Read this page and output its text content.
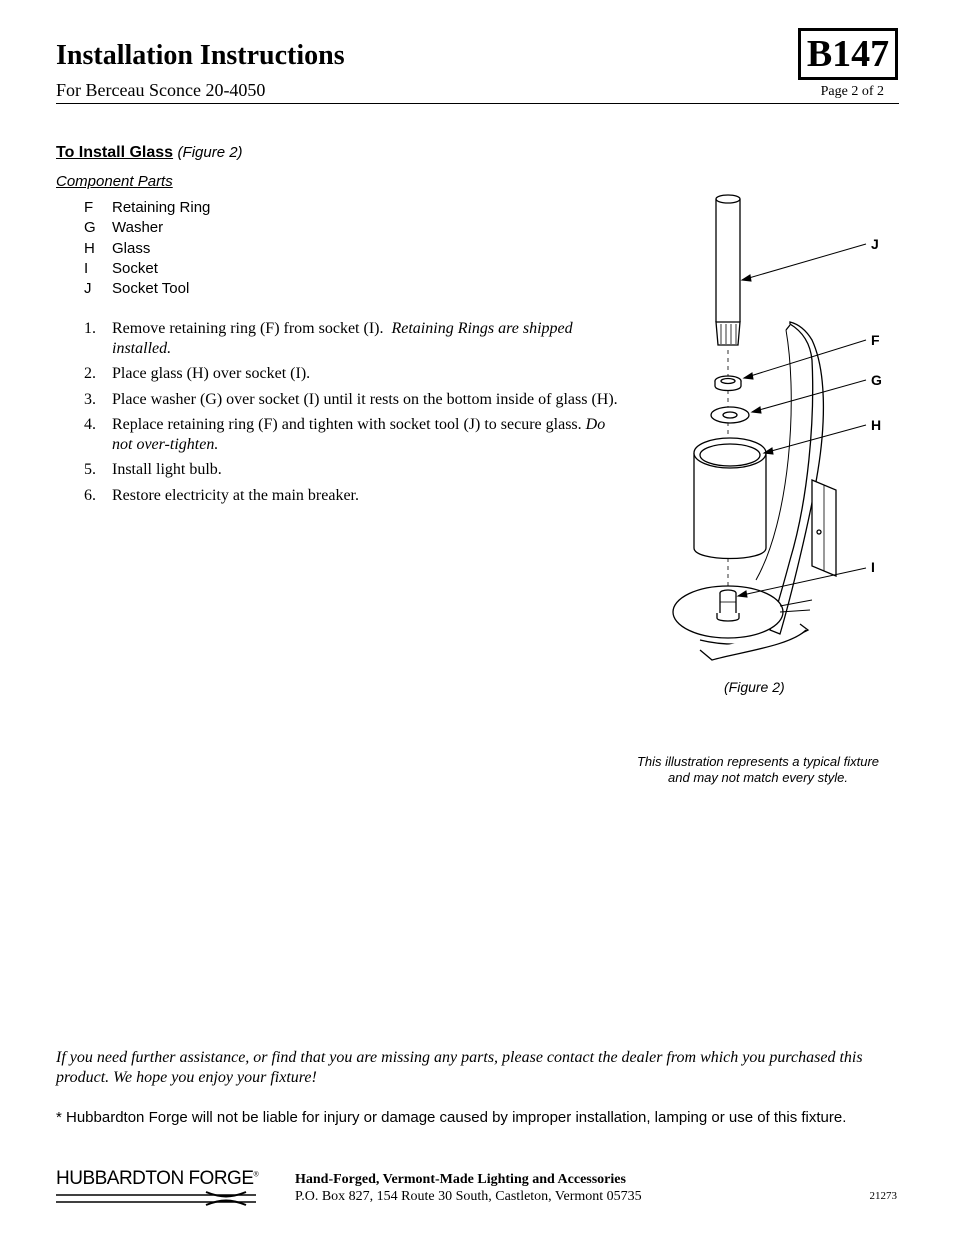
Installation Instructions
For Berceau Sconce 20-4050
B147
Page 2 of 2
To Install Glass (Figure 2)
Component Parts
F	Retaining Ring
G	Washer
H	Glass
I	Socket
J	Socket Tool
1.	Remove retaining ring (F) from socket (I). Retaining Rings are shipped installed.
2.	Place glass (H) over socket (I).
3.	Place washer (G) over socket (I) until it rests on the bottom inside of glass (H).
4.	Replace retaining ring (F) and tighten with socket tool (J) to secure glass. Do not over-tighten.
5.	Install light bulb.
6.	Restore electricity at the main breaker.
J
F
G
H
I
(Figure 2)
This illustration represents a typical fixture and may not match every style.
If you need further assistance, or find that you are missing any parts, please contact the dealer from which you purchased this product. We hope you enjoy your fixture!
* Hubbardton Forge will not be liable for injury or damage caused by improper installation, lamping or use of this fixture.
HUBBARDTON FORGE®	Hand-Forged, Vermont-Made Lighting and Accessories
P.O. Box 827, 154 Route 30 South, Castleton, Vermont 05735	21273
